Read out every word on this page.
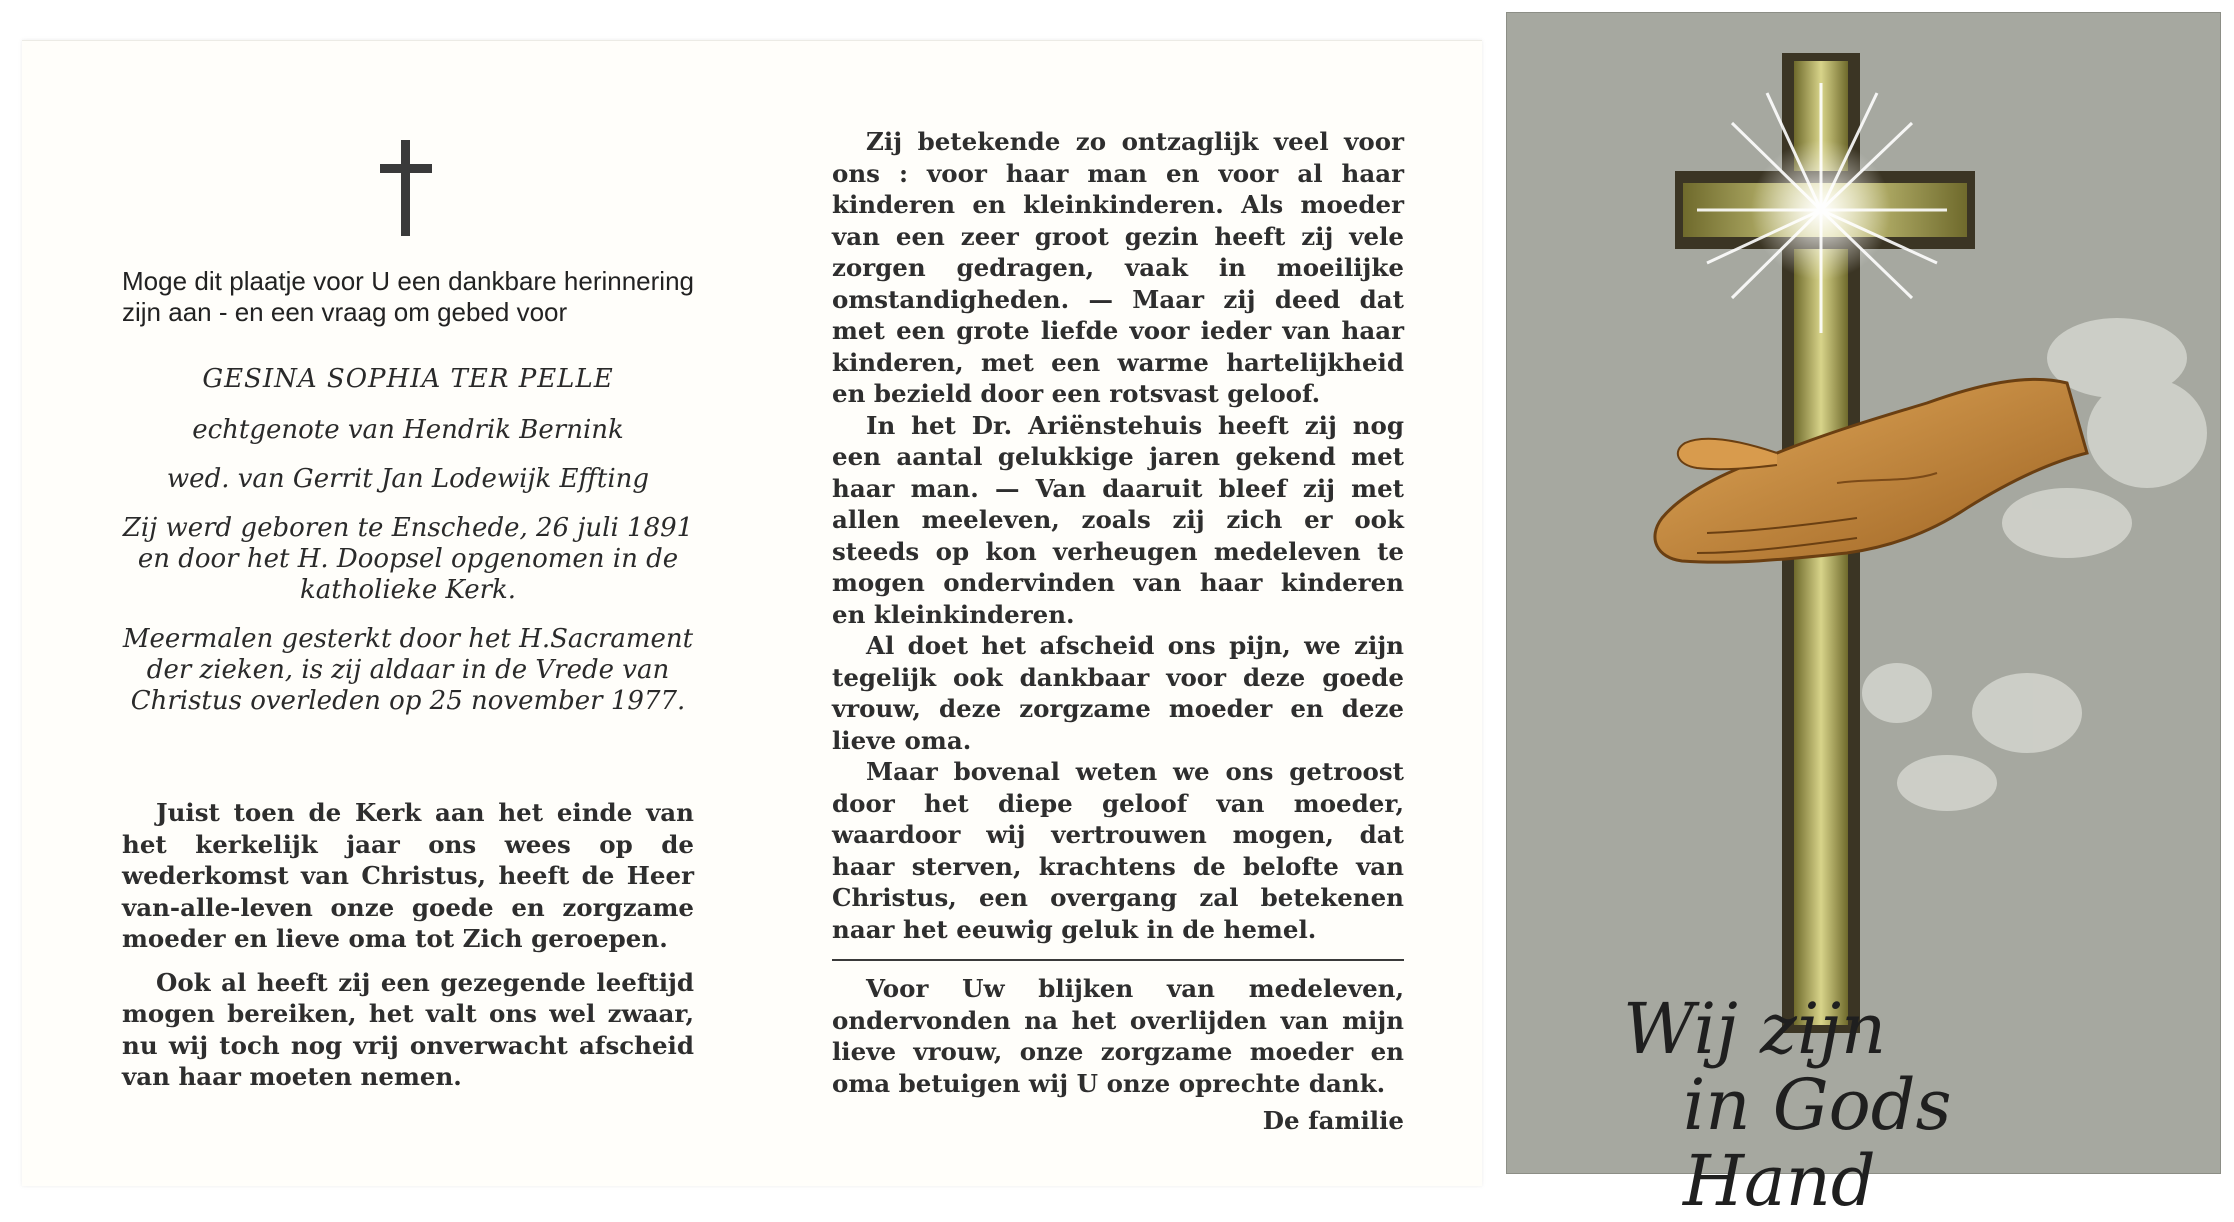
Moge dit plaatje voor U een dankbare herinnering zijn aan - en een vraag om gebed voor

GESINA SOPHIA TER PELLE

echtgenote van Hendrik Bernink

wed. van Gerrit Jan Lodewijk Effting

Zij werd geboren te Enschede, 26 juli 1891 en door het H. Doopsel opgenomen in de katholieke Kerk.

Meermalen gesterkt door het H.Sacrament der zieken, is zij aldaar in de Vrede van Christus overleden op 25 november 1977.

Juist toen de Kerk aan het einde van het kerkelijk jaar ons wees op de wederkomst van Christus, heeft de Heer van-alle-leven onze goede en zorgzame moeder en lieve oma tot Zich geroepen.

Ook al heeft zij een gezegende leeftijd mogen bereiken, het valt ons wel zwaar, nu wij toch nog vrij onverwacht afscheid van haar moeten nemen.

Zij betekende zo ontzaglijk veel voor ons : voor haar man en voor al haar kinderen en kleinkinderen. Als moeder van een zeer groot gezin heeft zij vele zorgen gedragen, vaak in moeilijke omstandigheden. — Maar zij deed dat met een grote liefde voor ieder van haar kinderen, met een warme hartelijkheid en bezield door een rotsvast geloof.

In het Dr. Ariënstehuis heeft zij nog een aantal gelukkige jaren gekend met haar man. — Van daaruit bleef zij met allen meeleven, zoals zij zich er ook steeds op kon verheugen medeleven te mogen ondervinden van haar kinderen en kleinkinderen.

Al doet het afscheid ons pijn, we zijn tegelijk ook dankbaar voor deze goede vrouw, deze zorgzame moeder en deze lieve oma.

Maar bovenal weten we ons getroost door het diepe geloof van moeder, waardoor wij vertrouwen mogen, dat haar sterven, krachtens de belofte van Christus, een overgang zal betekenen naar het eeuwig geluk in de hemel.

Voor Uw blijken van medeleven, ondervonden na het overlijden van mijn lieve vrouw, onze zorgzame moeder en oma betuigen wij U onze oprechte dank.

De familie

Wij zijn
in Gods Hand
